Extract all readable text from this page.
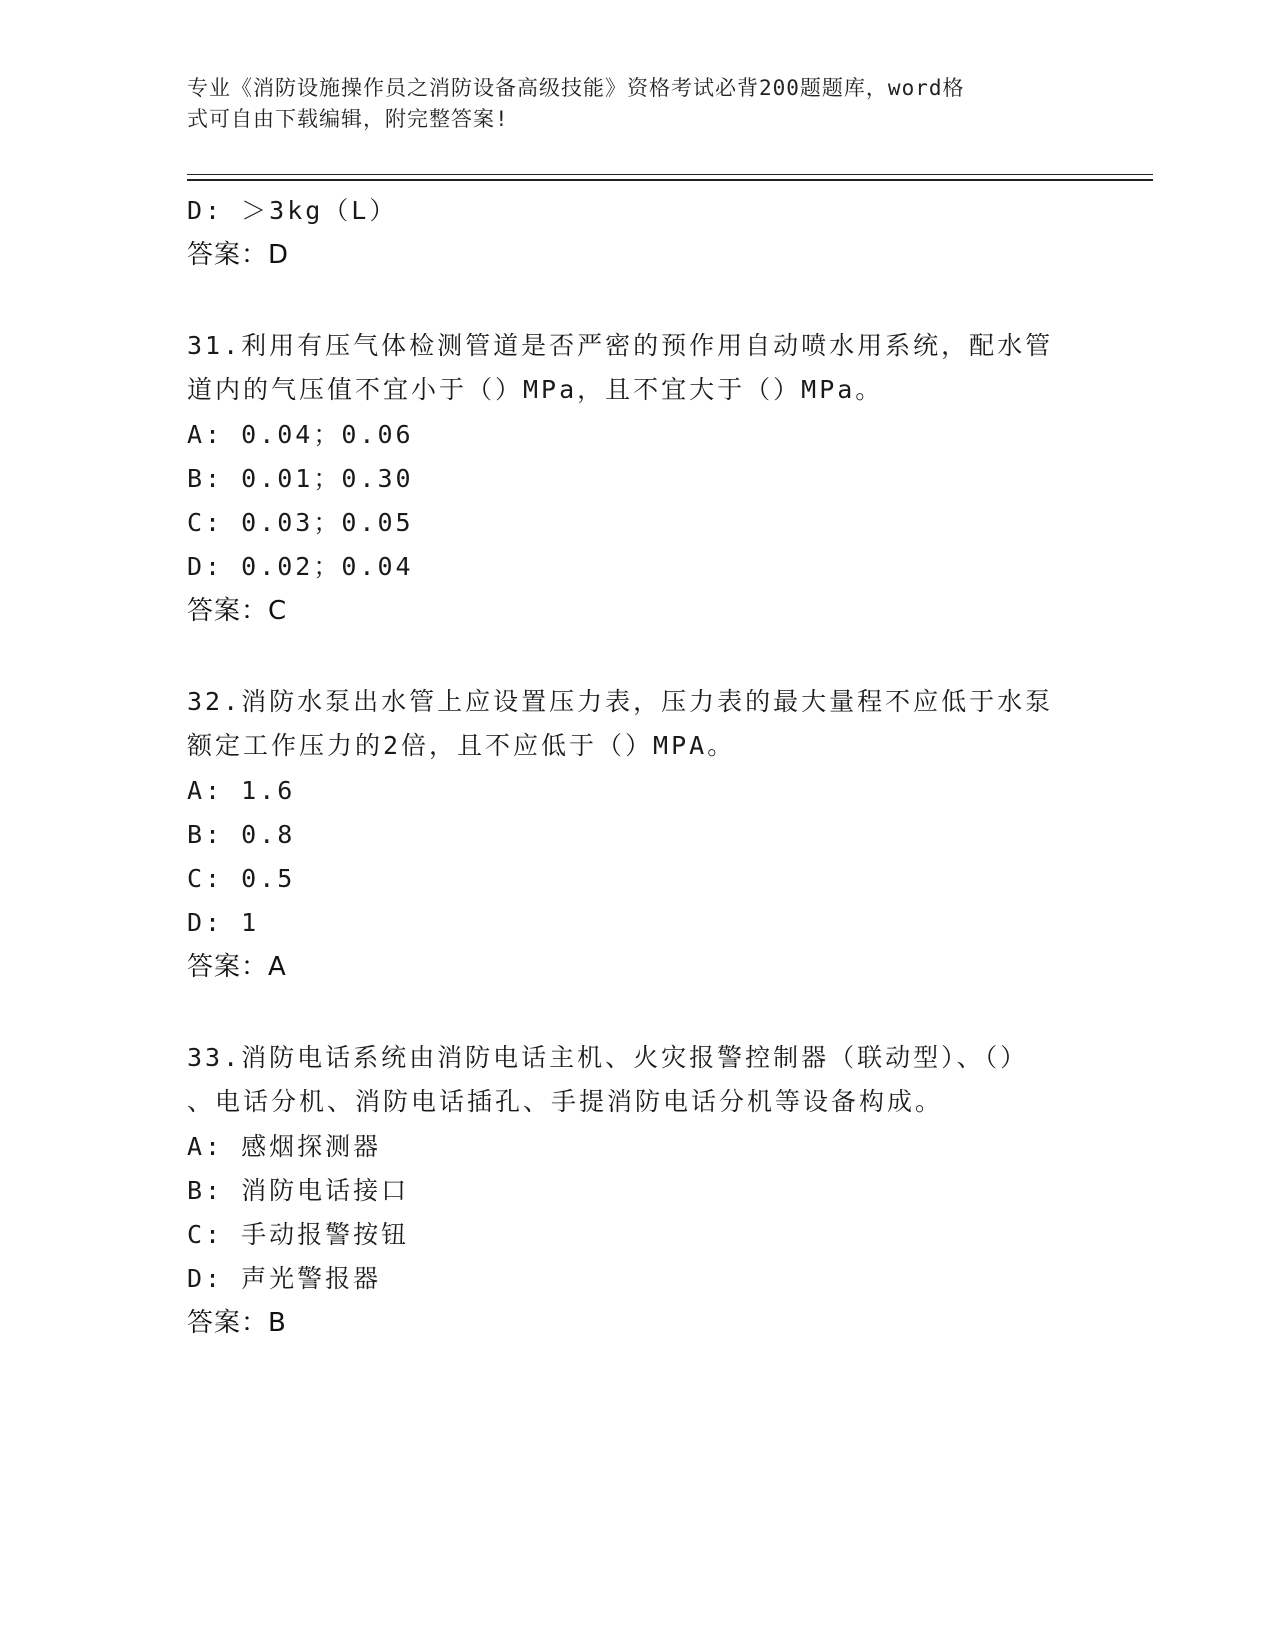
专业《消防设施操作员之消防设备高级技能》资格考试必背200题题库，word格
式可自由下载编辑，附完整答案!
D: ＞3kg（L）
答案：D
31.利用有压气体检测管道是否严密的预作用自动喷水用系统，配水管
道内的气压值不宜小于（）MPa，且不宜大于（）MPa。
A: 0.04；0.06
B: 0.01；0.30
C: 0.03；0.05
D: 0.02；0.04
答案：C
32.消防水泵出水管上应设置压力表，压力表的最大量程不应低于水泵
额定工作压力的2倍，且不应低于（）MPA。
A: 1.6
B: 0.8
C: 0.5
D: 1
答案：A
33.消防电话系统由消防电话主机、火灾报警控制器（联动型）、（）
、电话分机、消防电话插孔、手提消防电话分机等设备构成。
A: 感烟探测器
B: 消防电话接口
C: 手动报警按钮
D: 声光警报器
答案：B
